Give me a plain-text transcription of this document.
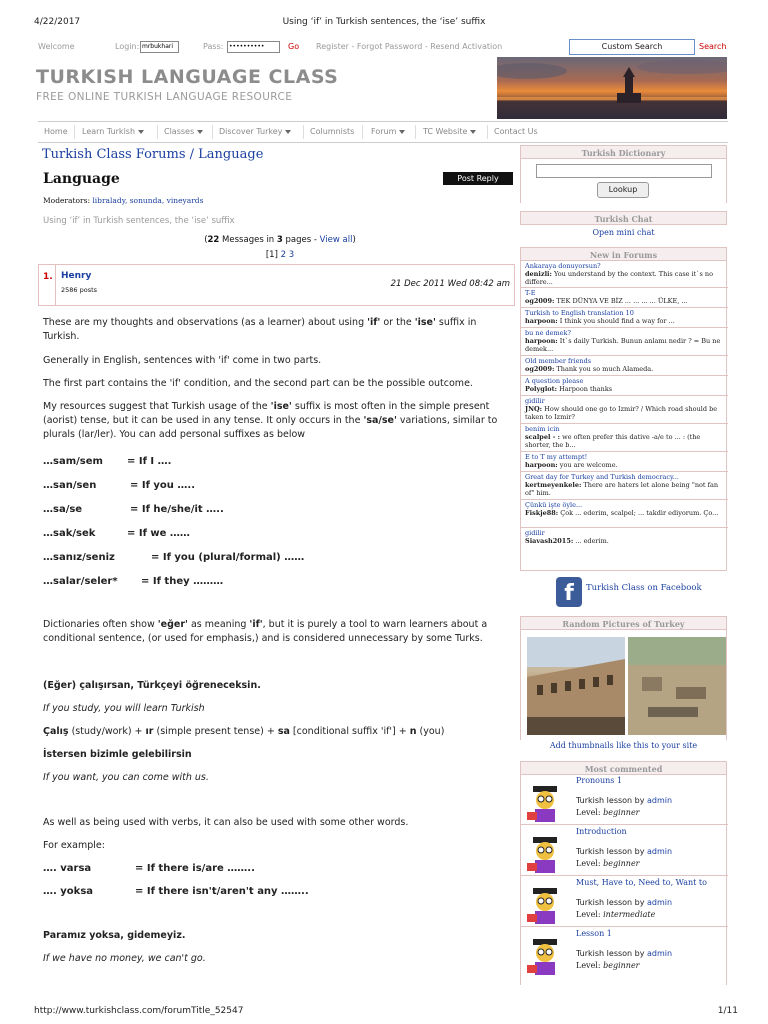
4/22/2017	Using ‘if’ in Turkish sentences, the ‘ise’ suffix
Welcome	Login: mrbukhari	Pass: ••••••••••	Go Register - Forgot Password - Resend Activation	Custom Search	Search
TURKISH LANGUAGE CLASS
FREE ONLINE TURKISH LANGUAGE RESOURCE
Home Learn Turkish	Classes	Discover Turkey	Columnists Forum	TC Website	Contact Us
Turkish Class Forums / Language
Language	Post Reply
Moderators: libralady, sonunda, vineyards
Using ‘if’ in Turkish sentences, the ‘ise’ suffix
(22 Messages in 3 pages - View all)
[1] 2 3
1. Henry
2586 posts
21 Dec 2011 Wed 08:42 am

These are my thoughts and observations (as a learner) about using 'if' or the 'ise' suffix in Turkish.

Generally in English, sentences with 'if' come in two parts.

The first part contains the 'if' condition, and the second part can be the possible outcome.

My resources suggest that Turkish usage of the 'ise' suffix is most often in the simple present (aorist) tense, but it can be used in any tense. It only occurs in the 'sa/se' variations, similar to plurals (lar/ler). You can add personal suffixes as below

…sam/sem = If I ….
…san/sen	= If you …..
…sa/se	= If he/she/it …..
…sak/sek	= If we ……
…sanız/seniz	= If you (plural/formal) ……
…salar/seler* = If they ………

Dictionaries often show 'eğer' as meaning 'if', but it is purely a tool to warn learners about a conditional sentence, (or used for emphasis,) and is considered unnecessary by some Turks.

(Eğer) çalışırsan, Türkçeyi öğreneceksin.

If you study, you will learn Turkish

Çalış (study/work) + ır (simple present tense) + sa [conditional suffix 'if'] + n (you)

İstersen bizimle gelebilirsin

If you want, you can come with us.

As well as being used with verbs, it can also be used with some other words.

For example:

…. varsa	= If there is/are ……..
…. yoksa	= If there isn't/aren't any ……..

Paramız yoksa, gidemeyiz.

If we have no money, we can't go.

Turkish Dictionary
Lookup
Turkish Chat
Open mini chat
New in Forums
Ankaraya donuyorsun?
denizli: You understand by the context. This case it`s no differe...
T-E
og2009: TEK DÜNYA VE BİZ ... ... ... ... ÜLKE, ...
Turkish to English translation 10
harpoon: I think you should find a way for ...
bu ne demek?
harpoon: It`s daily Turkish. Bunun anlamı nedir ? = Bu ne demek...
Old member friends
og2009: Thank you so much Alameda.
A question please
Polyglot: Harpoon thanks
gidilir
JNQ: How should one go to Izmir? / Which road should be taken to Izmir?
benim icin
scalpel - : we often prefer this dative -a/e to ... : (the shorter, the b...
E to T my attempt!
harpoon: you are welcome.
Great day for Turkey and Turkish democracy...
kertmeyenkele: There are haters let alone being "not fan of" him.
Çünkü işte öyle...
Fiskje88: Çok ... ederim, scalpel; ... takdir ediyorum. Ço...
gidilir
Siavash2015: ... ederim.
f	Turkish Class on Facebook
Random Pictures of Turkey
Add thumbnails like this to your site
Most commented
Pronouns 1
Turkish lesson by admin
Level: beginner
Introduction
Turkish lesson by admin
Level: beginner
Must, Have to, Need to, Want to
Turkish lesson by admin
Level: intermediate
Lesson 1
Turkish lesson by admin
Level: beginner
http://www.turkishclass.com/forumTitle_52547	1/11
